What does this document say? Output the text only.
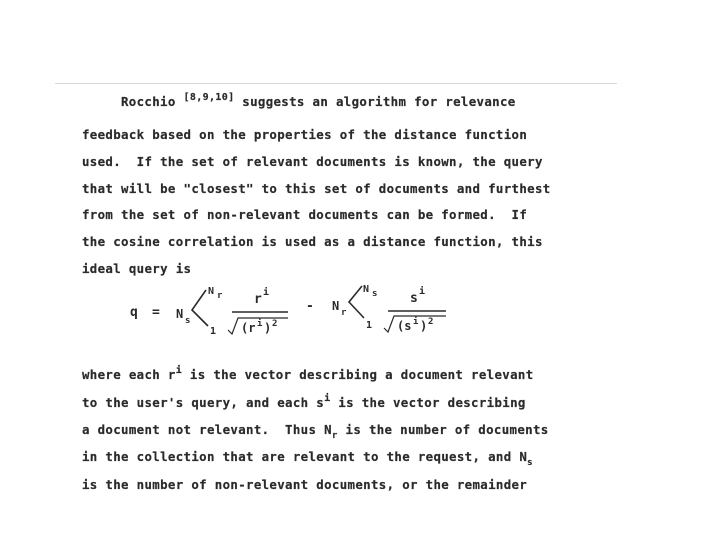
Rocchio [8,9,10] suggests an algorithm for relevance
feedback based on the properties of the distance function
used.  If the set of relevant documents is known, the query
that will be "closest" to this set of documents and furthest
from the set of non-relevant documents can be formed.  If
the cosine correlation is used as a distance function, this
ideal query is
q = N s
N r
1
r i
(r i ) 2
- N r
N s
1
s i
(s i ) 2
where each $r^i$ is the vector describing a document relevant
to the user's query, and each $s^i$ is the vector describing
a document not relevant.  Thus $N_r$ is the number of documents
in the collection that are relevant to the request, and $N_s$
is the number of non-relevant documents, or the remainder
